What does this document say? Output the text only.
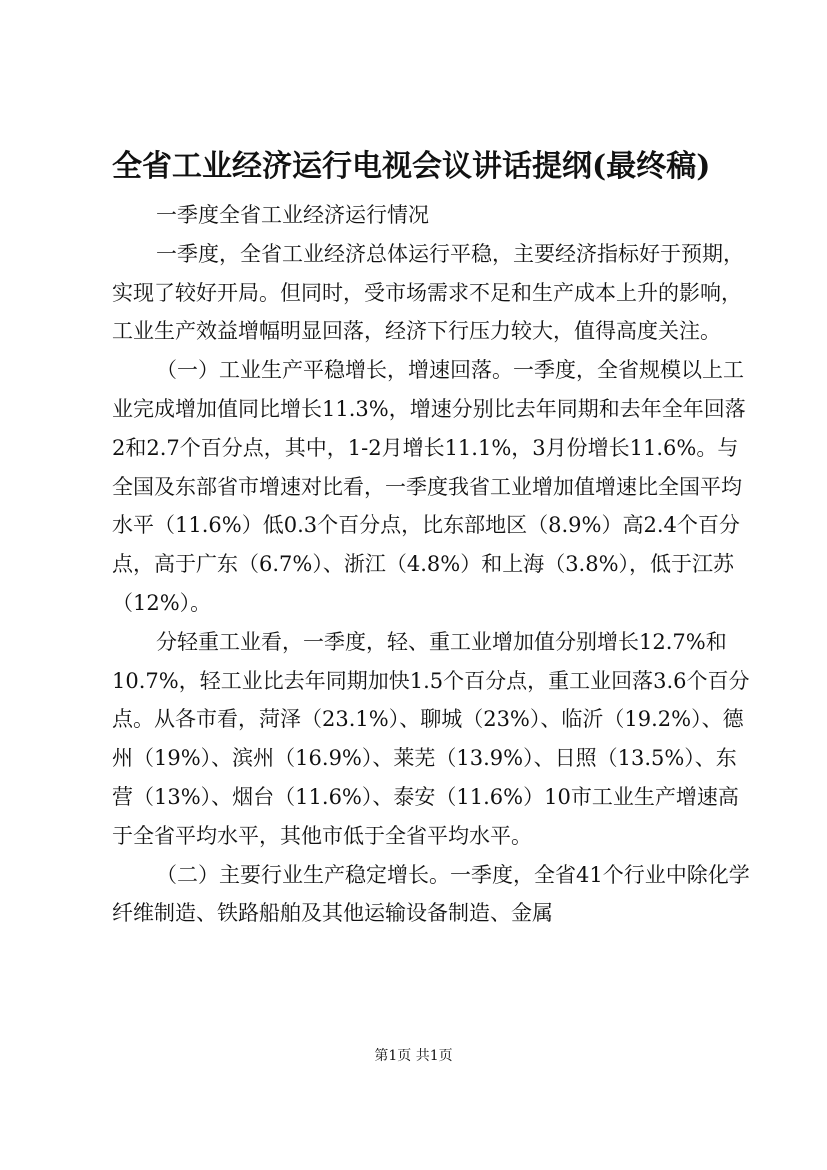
全省工业经济运行电视会议讲话提纲(最终稿)

一季度全省工业经济运行情况

一季度，全省工业经济总体运行平稳，主要经济指标好于预期，实现了较好开局。但同时，受市场需求不足和生产成本上升的影响，工业生产效益增幅明显回落，经济下行压力较大，值得高度关注。

（一）工业生产平稳增长，增速回落。一季度，全省规模以上工业完成增加值同比增长11.3%，增速分别比去年同期和去年全年回落2和2.7个百分点，其中，1-2月增长11.1%，3月份增长11.6%。与全国及东部省市增速对比看，一季度我省工业增加值增速比全国平均水平（11.6%）低0.3个百分点，比东部地区（8.9%）高2.4个百分点，高于广东（6.7%）、浙江（4.8%）和上海（3.8%），低于江苏（12%）。

分轻重工业看，一季度，轻、重工业增加值分别增长12.7%和10.7%，轻工业比去年同期加快1.5个百分点，重工业回落3.6个百分点。从各市看，菏泽（23.1%）、聊城（23%）、临沂（19.2%）、德州（19%）、滨州（16.9%）、莱芜（13.9%）、日照（13.5%）、东营（13%）、烟台（11.6%）、泰安（11.6%）10市工业生产增速高于全省平均水平，其他市低于全省平均水平。

（二）主要行业生产稳定增长。一季度，全省41个行业中除化学纤维制造、铁路船舶及其他运输设备制造、金属

第1页 共1页
